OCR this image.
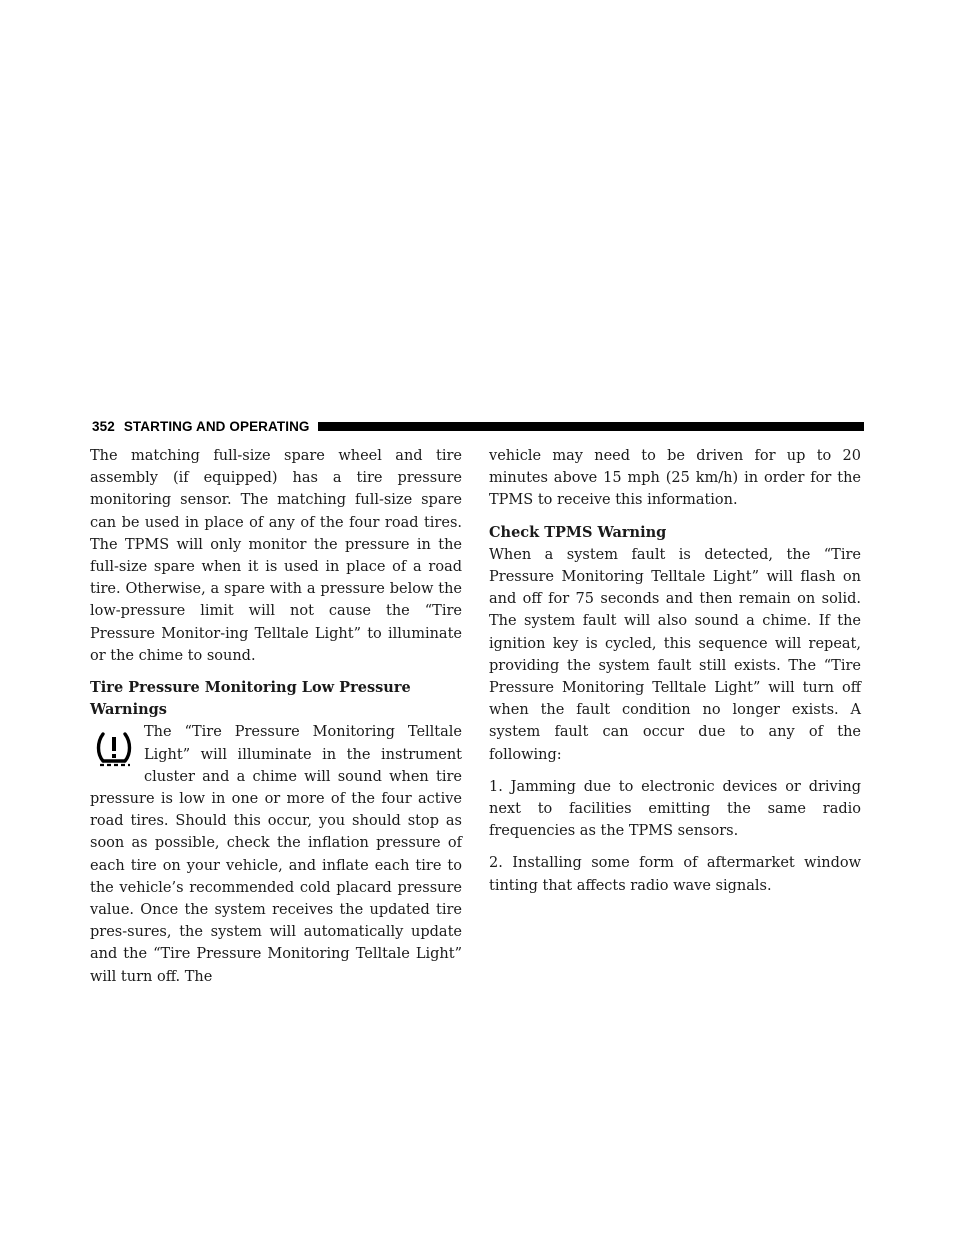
352 STARTING AND OPERATING

The matching full-size spare wheel and tire assembly (if equipped) has a tire pressure monitoring sensor. The matching full-size spare can be used in place of any of the four road tires. The TPMS will only monitor the pressure in the full-size spare when it is used in place of a road tire. Otherwise, a spare with a pressure below the low-pressure limit will not cause the “Tire Pressure Monitor-ing Telltale Light” to illuminate or the chime to sound.

Tire Pressure Monitoring Low Pressure Warnings

The “Tire Pressure Monitoring Telltale Light” will illuminate in the instrument cluster and a chime will sound when tire pressure is low in one or more of the four active road tires. Should this occur, you should stop as soon as possible, check the inflation pressure of each tire on your vehicle, and inflate each tire to the vehicle’s recommended cold placard pressure value. Once the system receives the updated tire pres-sures, the system will automatically update and the “Tire Pressure Monitoring Telltale Light” will turn off. The

vehicle may need to be driven for up to 20 minutes above 15 mph (25 km/h) in order for the TPMS to receive this information.

Check TPMS Warning

When a system fault is detected, the “Tire Pressure Monitoring Telltale Light” will flash on and off for 75 seconds and then remain on solid. The system fault will also sound a chime. If the ignition key is cycled, this sequence will repeat, providing the system fault still exists. The “Tire Pressure Monitoring Telltale Light” will turn off when the fault condition no longer exists. A system fault can occur due to any of the following:

1. Jamming due to electronic devices or driving next to facilities emitting the same radio frequencies as the TPMS sensors.

2. Installing some form of aftermarket window tinting that affects radio wave signals.
